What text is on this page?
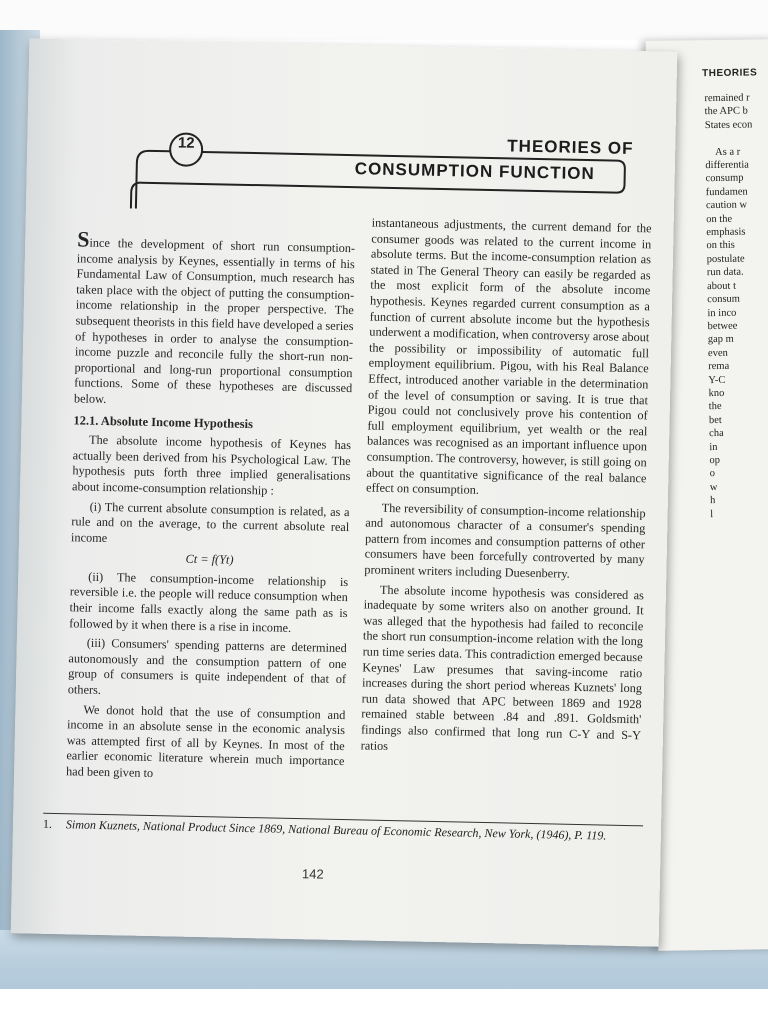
THEORIES
remained r
the APC b
States econ

As a r
differentia
consump
fundamen
caution w
on the
emphasis
on this
postulate
run data.
about t
consum
in inco
betwee
gap m
even
rema
Y-C
kno
the
bet
cha
in
op
o
w
h
l
12	THEORIES OF
CONSUMPTION FUNCTION

Since the development of short run consumption-income analysis by Keynes, essentially in terms of his Fundamental Law of Consumption, much research has taken place with the object of putting the consumption-income relationship in the proper perspective. The subsequent theorists in this field have developed a series of hypotheses in order to analyse the consumption-income puzzle and reconcile fully the short-run non-proportional and long-run proportional consumption functions. Some of these hypotheses are discussed below.

12.1. Absolute Income Hypothesis

The absolute income hypothesis of Keynes has actually been derived from his Psychological Law. The hypothesis puts forth three implied generalisations about income-consumption relationship :

(i) The current absolute consumption is related, as a rule and on the average, to the current absolute real income

Ct = f(Yt)

(ii) The consumption-income relationship is reversible i.e. the people will reduce consumption when their income falls exactly along the same path as is followed by it when there is a rise in income.

(iii) Consumers' spending patterns are determined autonomously and the consumption pattern of one group of consumers is quite independent of that of others.

We donot hold that the use of consumption and income in an absolute sense in the economic analysis was attempted first of all by Keynes. In most of the earlier economic literature wherein much importance had been given to

instantaneous adjustments, the current demand for the consumer goods was related to the current income in absolute terms. But the income-consumption relation as stated in The General Theory can easily be regarded as the most explicit form of the absolute income hypothesis. Keynes regarded current consumption as a function of current absolute income but the hypothesis underwent a modification, when controversy arose about the possibility or impossibility of automatic full employment equilibrium. Pigou, with his Real Balance Effect, introduced another variable in the determination of the level of consumption or saving. It is true that Pigou could not conclusively prove his contention of full employment equilibrium, yet wealth or the real balances was recognised as an important influence upon consumption. The controversy, however, is still going on about the quantitative significance of the real balance effect on consumption.

The reversibility of consumption-income relationship and autonomous character of a consumer's spending pattern from incomes and consumption patterns of other consumers have been forcefully controverted by many prominent writers including Duesenberry.

The absolute income hypothesis was considered as inadequate by some writers also on another ground. It was alleged that the hypothesis had failed to reconcile the short run consumption-income relation with the long run time series data. This contradiction emerged because Keynes' Law presumes that saving-income ratio increases during the short period whereas Kuznets' long run data showed that APC between 1869 and 1928 remained stable between .84 and .891. Goldsmith' findings also confirmed that long run C-Y and S-Y ratios

1. Simon Kuznets, National Product Since 1869, National Bureau of Economic Research, New York, (1946), P. 119.
142
